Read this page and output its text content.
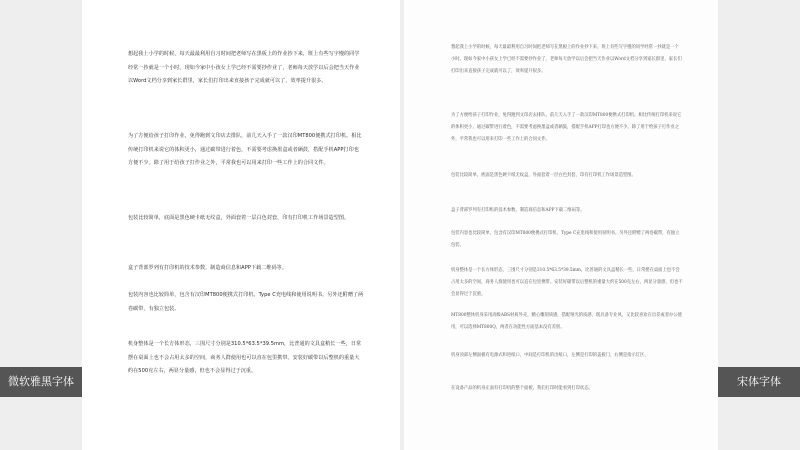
想起我上小学的时候，每天最最利用自习时间把老师写在黑板上的作业抄下来，班上有些写字慢的同学经常一抄就是一个小时。现如今家中小孩女上学已经不需要抄作业了，老师每天放学以后会把当天作业以Word文档分享到家长群里，家长们打印出来直接孩子完成就可以了，效率提升很多。

为了方便给孩子打印作业，免得跑到文印店去排队，前几天入手了一款汉印MT800便携式打印机。相比传统打印机来说它的体积更小，通过碳带进行着色，不需要考虑换墨盒或者硒鼓，搭配手机APP打印也方便不少。除了用于给孩子打作业之外，平常我也可以用来打印一些工作上的合同文件。

包装比较简单，底面是黑色硬卡纸无纹盒，外面套着一层白色封套，印有打印机工作场景造型图。

盒子背部罗列有打印机的技术参数，制造商信息和APP下载二维码等。

包装内容也比较简单，包含有汉印MT800便携式打印机、Type C充电线和使用说明书。另外还附赠了两卷碳带，有独立包装。

机身整体是一个长方体形态，三围尺寸分别是310.5*63.5*39.5mm，比普通的文具盒稍长一些，日常摆在桌面上也不会占用太多的空间，商务人群使用也可以直在包里携带。安装好碳带以后整机的重量大约在500克左右，两显分量感，但也不会显得过于沉重。

想起我上小学的时候，每天最最利用自习时间把老师写在黑板上的作业抄下来，班上有些写字慢的同学经常一抄就是一个小时。现如今家中小孩女上学已经不需要抄作业了，老师每天放学以后会把当天作业以Word文档分享到家长群里，家长们打印出来直接孩子完成就可以了，效率提升很多。

为了方便给孩子打印作业，免得跑到文印店去排队，前几天入手了一款汉印MT800便携式打印机。相比传统打印机来说它的体积更小，通过碳带进行着色，不需要考虑换墨盒或者硒鼓，搭配手机APP打印也方便不少。除了用于给孩子打作业之外，平常我也可以用来打印一些工作上的合同文件。

包装比较简单，底面是黑色硬卡纸无纹盒，外面套着一层白色封套，印有打印机工作场景造型图。

盒子背部罗列有打印机的技术参数，制造商信息和APP下载二维码等。

包装内容也比较简单，包含有汉印MT800便携式打印机、Type C充电线和使用说明书。另外还附赠了两卷碳带，有独立包装。

机身整体是一个长方体形态，三围尺寸分别是310.5*63.5*39.5mm，比普通的文具盒稍长一些，日常摆在桌面上也不会占用太多的空间，商务人群使用也可以直在包里携带。安装好碳带以后整机的重量大约在500克左右，两显分量感，但也不会显得过于沉重。

MT800整体机身采用高级ABS材质外壳，精心雕刻质感，搭配哑光的质感，既具备专业风，又比较喜欢在出差或者办公使用，可以选择MT800Q，两者在功能性方面基本没有差别。

机身顶部左侧面板有电源式和进纸口，中间是打印机的出纸口，左侧是打印的盖板门，右侧是指示灯区，

在设备产品的机身正面有打印机的整个面板，我们打印时能看到打印状态。

微软雅黑字体	宋体字体
